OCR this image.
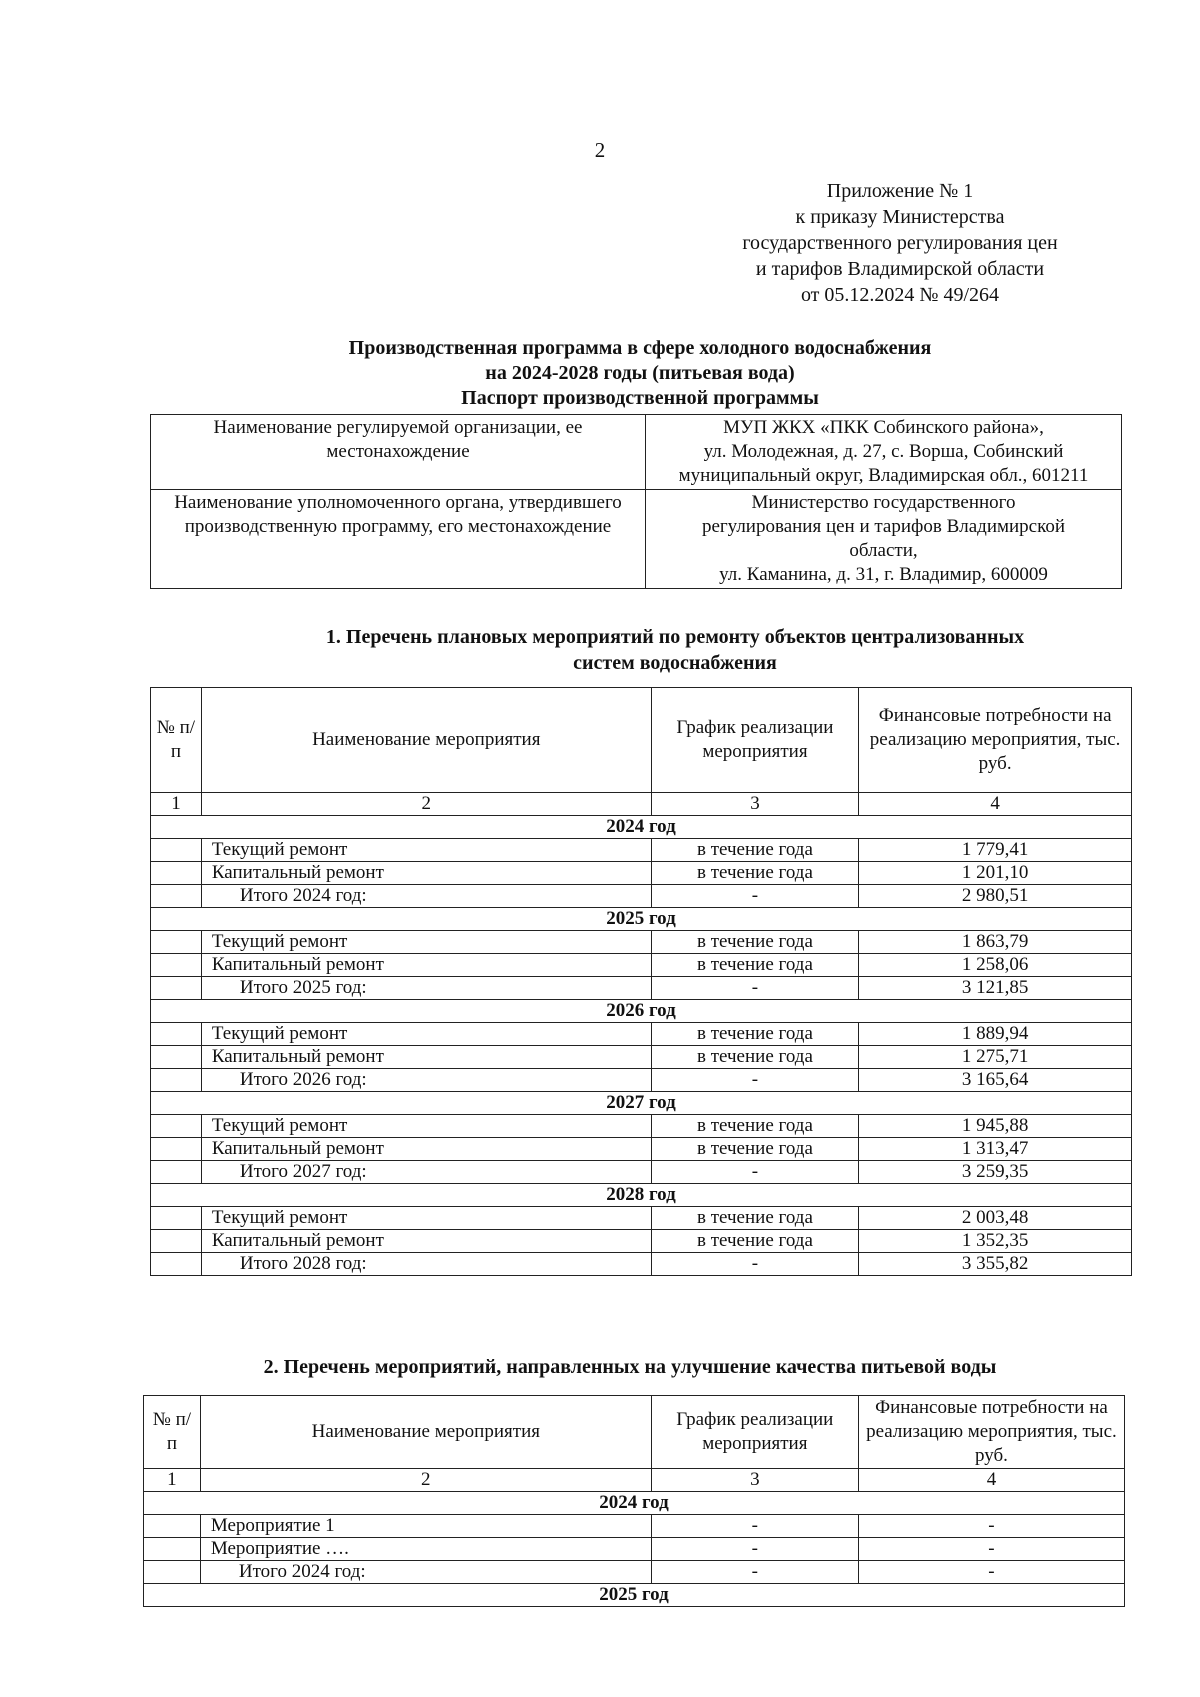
2
Приложение № 1
к приказу Министерства
государственного регулирования цен
и тарифов Владимирской области
от 05.12.2024 № 49/264
Производственная программа в сфере холодного водоснабжения
на 2024-2028 годы (питьевая вода)
Паспорт производственной программы
Наименование регулируемой организации, ее местонахождение	МУП ЖКХ «ПКК Собинского района»,
ул. Молодежная, д. 27, с. Ворша, Собинский
муниципальный округ, Владимирская обл., 601211

Наименование уполномоченного органа, утвердившего производственную программу, его местонахождение	Министерство государственного
регулирования цен и тарифов Владимирской
области,
ул. Каманина, д. 31, г. Владимир, 600009
1. Перечень плановых мероприятий по ремонту объектов централизованных
систем водоснабжения
№ п/п	Наименование мероприятия	График реализации мероприятия	Финансовые потребности на реализацию мероприятия, тыс. руб.
1	2	3	4
2024 год			
	Текущий ремонт	в течение года	1 779,41
	Капитальный ремонт	в течение года	1 201,10
	Итого 2024 год:	-	2 980,51
2025 год			
	Текущий ремонт	в течение года	1 863,79
	Капитальный ремонт	в течение года	1 258,06
	Итого 2025 год:	-	3 121,85
2026 год			
	Текущий ремонт	в течение года	1 889,94
	Капитальный ремонт	в течение года	1 275,71
	Итого 2026 год:	-	3 165,64
2027 год			
	Текущий ремонт	в течение года	1 945,88
	Капитальный ремонт	в течение года	1 313,47
	Итого 2027 год:	-	3 259,35
2028 год			
	Текущий ремонт	в течение года	2 003,48
	Капитальный ремонт	в течение года	1 352,35
	Итого 2028 год:	-	3 355,82
2. Перечень мероприятий, направленных на улучшение качества питьевой воды
№ п/п	Наименование мероприятия	График реализации мероприятия	Финансовые потребности на реализацию мероприятия, тыс. руб.
1	2	3	4
2024 год			
	Мероприятие 1	-	-
	Мероприятие ….	-	-
	Итого 2024 год:	-	-
2025 год			
